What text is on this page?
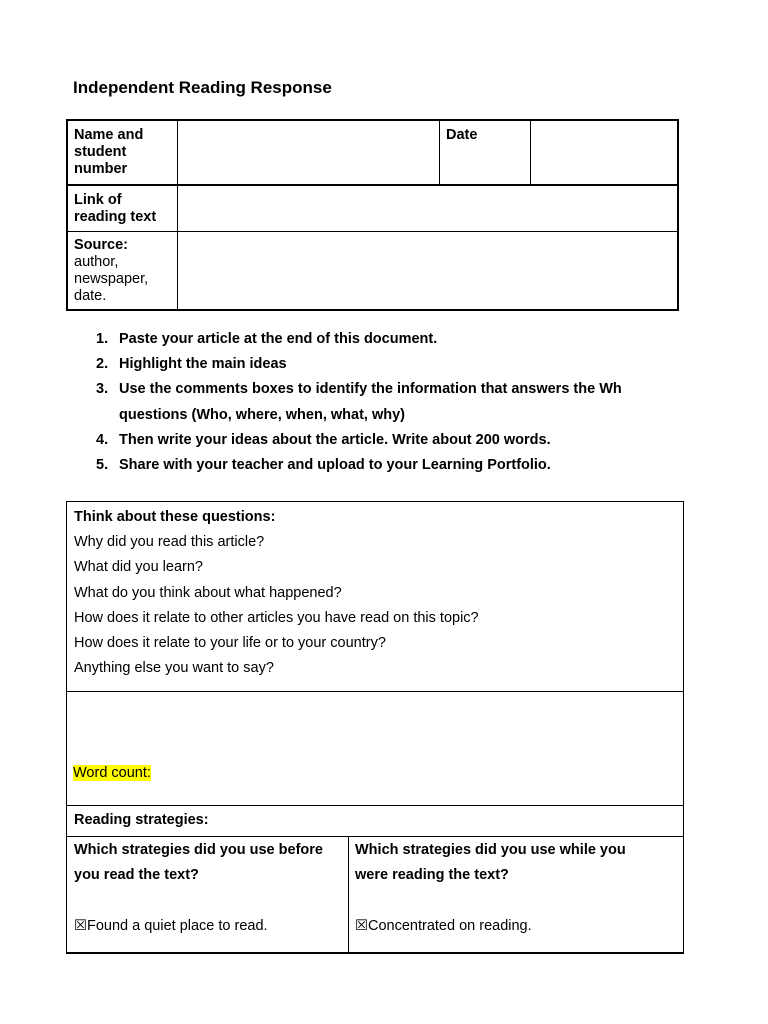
Independent Reading Response
Name and
student
number
Date
Link of
reading text
Source:
author,
newspaper,
date.
1. Paste your article at the end of this document.
2. Highlight the main ideas
3. Use the comments boxes to identify the information that answers the Wh
questions (Who, where, when, what, why)
4. Then write your ideas about the article. Write about 200 words.
5. Share with your teacher and upload to your Learning Portfolio.
Think about these questions:
Why did you read this article?
What did you learn?
What do you think about what happened?
How does it relate to other articles you have read on this topic?
How does it relate to your life or to your country?
Anything else you want to say?
Word count:
Reading strategies:
Which strategies did you use before
you read the text?
☒Found a quiet place to read.
Which strategies did you use while you
were reading the text?
☒Concentrated on reading.
